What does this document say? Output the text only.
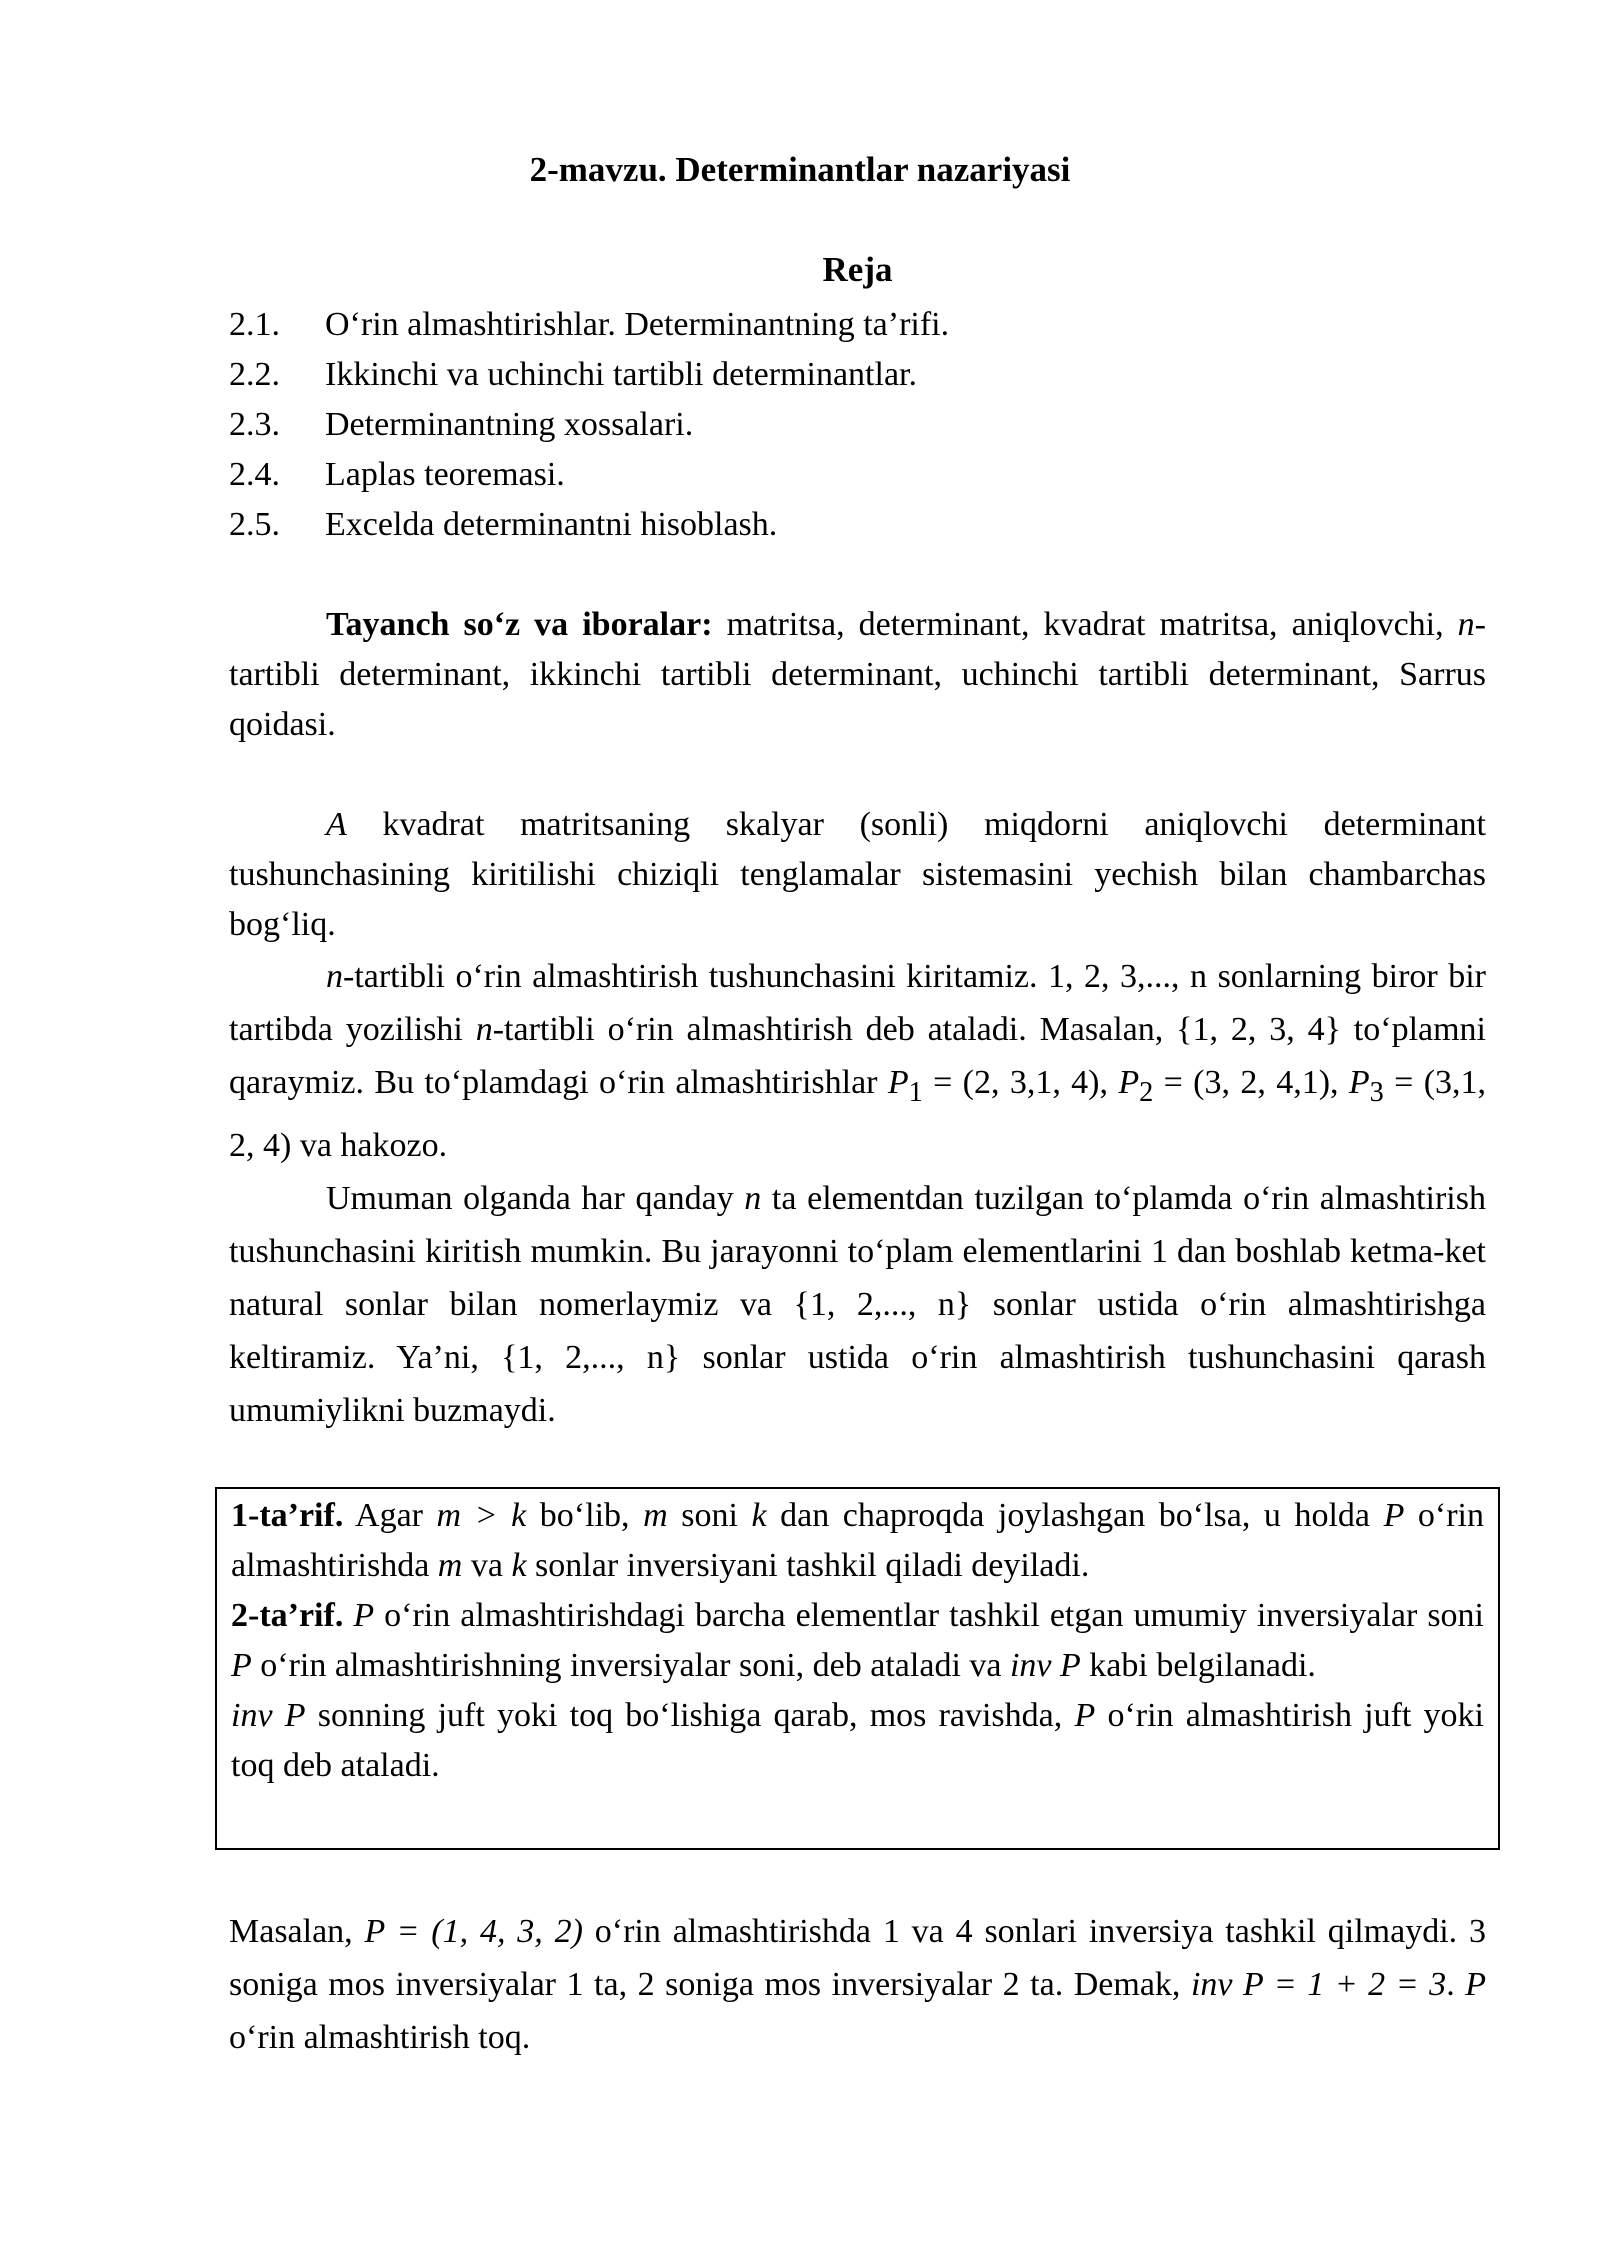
2-mavzu. Determinantlar nazariyasi
Reja
2.1. O‘rin almashtirishlar. Determinantning ta’rifi.
2.2. Ikkinchi va uchinchi tartibli determinantlar.
2.3. Determinantning xossalari.
2.4. Laplas teoremasi.
2.5. Excelda determinantni hisoblash.

Tayanch so‘z va iboralar: matritsa, determinant, kvadrat matritsa, aniqlovchi, n-tartibli determinant, ikkinchi tartibli determinant, uchinchi tartibli determinant, Sarrus qoidasi.

A kvadrat matritsaning skalyar (sonli) miqdorni aniqlovchi determinant tushunchasining kiritilishi chiziqli tenglamalar sistemasini yechish bilan chambarchas bog‘liq.

n-tartibli o‘rin almashtirish tushunchasini kiritamiz. 1, 2, 3,..., n sonlarning biror bir tartibda yozilishi n-tartibli o‘rin almashtirish deb ataladi. Masalan, {1, 2, 3, 4} to‘plamni qaraymiz. Bu to‘plamdagi o‘rin almashtirishlar $P_1 = (2$, 3,1, 4), $P_2 = (3$, 2, 4,1), $P_3 = (3,1$, 2, 4) va hakozo.

Umuman olganda har qanday n ta elementdan tuzilgan to‘plamda o‘rin almashtirish tushunchasini kiritish mumkin. Bu jarayonni to‘plam elementlarini 1 dan boshlab ketma-ket natural sonlar bilan nomerlaymiz va {1, 2,..., n} sonlar ustida o‘rin almashtirishga keltiramiz. Ya’ni, {1, 2,..., n} sonlar ustida o‘rin almashtirish tushunchasini qarash umumiylikni buzmaydi.

1-ta’rif. Agar m > k bo‘lib, m soni k dan chaproqda joylashgan bo‘lsa, u holda P o‘rin almashtirishda m va k sonlar inversiyani tashkil qiladi deyiladi.

2-ta’rif. P o‘rin almashtirishdagi barcha elementlar tashkil etgan umumiy inversiyalar soni P o‘rin almashtirishning inversiyalar soni, deb ataladi va inv P kabi belgilanadi.

inv P sonning juft yoki toq bo‘lishiga qarab, mos ravishda, P o‘rin almashtirish juft yoki toq deb ataladi.

Masalan, P = (1, 4, 3, 2) o‘rin almashtirishda 1 va 4 sonlari inversiya tashkil qilmaydi. 3 soniga mos inversiyalar 1 ta, 2 soniga mos inversiyalar 2 ta. Demak, inv P = 1 + 2 = 3. P o‘rin almashtirish toq.
